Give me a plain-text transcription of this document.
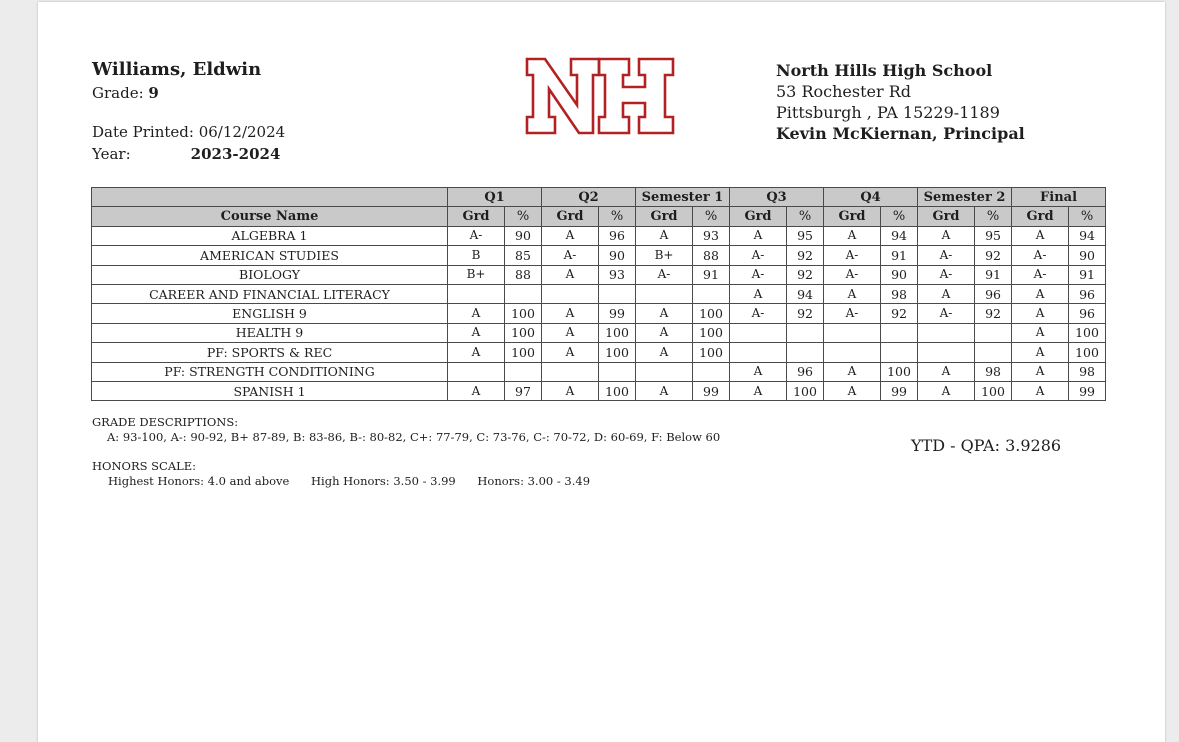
Williams, Eldwin
Grade: 9
Date Printed: 06/12/2024
Year:	2023-2024
North Hills High School
53 Rochester Rd
Pittsburgh , PA 15229-1189
Kevin McKiernan, Principal
	Q1		Q2		Semester 1		Q3		Q4		Semester 2		Final	
Course Name	Grd	%	Grd	%	Grd	%	Grd	%	Grd	%	Grd	%	Grd	%
ALGEBRA 1	A-	90	A	96	A	93	A	95	A	94	A	95	A	94
AMERICAN STUDIES	B	85	A-	90	B+	88	A-	92	A-	91	A-	92	A-	90
BIOLOGY	B+	88	A	93	A-	91	A-	92	A-	90	A-	91	A-	91
CAREER AND FINANCIAL LITERACY							A	94	A	98	A	96	A	96
ENGLISH 9	A	100	A	99	A	100	A-	92	A-	92	A-	92	A	96
HEALTH 9	A	100	A	100	A	100							A	100
PF: SPORTS & REC	A	100	A	100	A	100							A	100
PF: STRENGTH CONDITIONING							A	96	A	100	A	98	A	98
SPANISH 1	A	97	A	100	A	99	A	100	A	99	A	100	A	99
GRADE DESCRIPTIONS:
A: 93-100, A-: 90-92, B+ 87-89, B: 83-86, B-: 80-82, C+: 77-79, C: 73-76, C-: 70-72, D: 60-69, F: Below 60
HONORS SCALE:
Highest Honors: 4.0 and above High Honors: 3.50 - 3.99 Honors: 3.00 - 3.49
YTD - QPA: 3.9286
